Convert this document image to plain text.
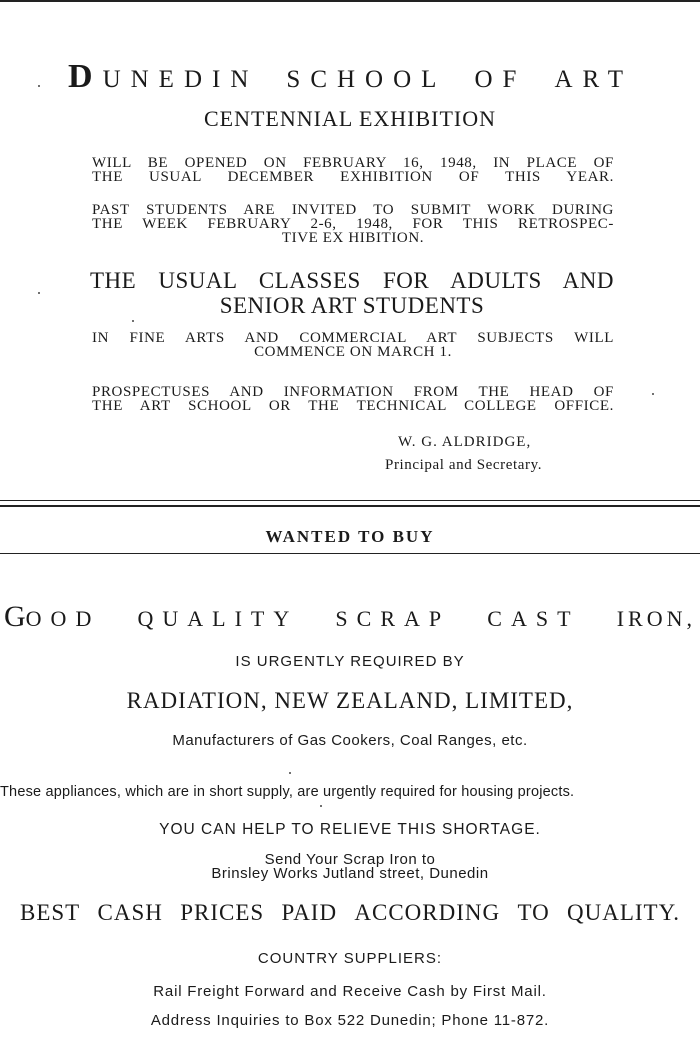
DUNEDIN SCHOOL OF ART
CENTENNIAL EXHIBITION
WILL BE OPENED ON FEBRUARY 16, 1948, IN PLACE OF
THE USUAL DECEMBER EXHIBITION OF THIS YEAR.
PAST STUDENTS ARE INVITED TO SUBMIT WORK DURING
THE WEEK FEBRUARY 2-6, 1948, FOR THIS RETROSPEC-
TIVE EX HIBITION.
THE USUAL CLASSES FOR ADULTS AND
SENIOR ART STUDENTS
IN FINE ARTS AND COMMERCIAL ART SUBJECTS WILL
COMMENCE ON MARCH 1.
PROSPECTUSES AND INFORMATION FROM THE HEAD OF
THE ART SCHOOL OR THE TECHNICAL COLLEGE OFFICE.
W. G. ALDRIDGE,
Principal and Secretary.
WANTED TO BUY
GOOD QUALITY SCRAP CAST IRON,
IS URGENTLY REQUIRED BY
RADIATION, NEW ZEALAND, LIMITED,
Manufacturers of Gas Cookers, Coal Ranges, etc.
These appliances, which are in short supply, are urgently required for housing projects.
YOU CAN HELP TO RELIEVE THIS SHORTAGE.
Send Your Scrap Iron to
Brinsley Works Jutland street, Dunedin
BEST CASH PRICES PAID ACCORDING TO QUALITY.
COUNTRY SUPPLIERS:
Rail Freight Forward and Receive Cash by First Mail.
Address Inquiries to Box 522 Dunedin; Phone 11-872.
